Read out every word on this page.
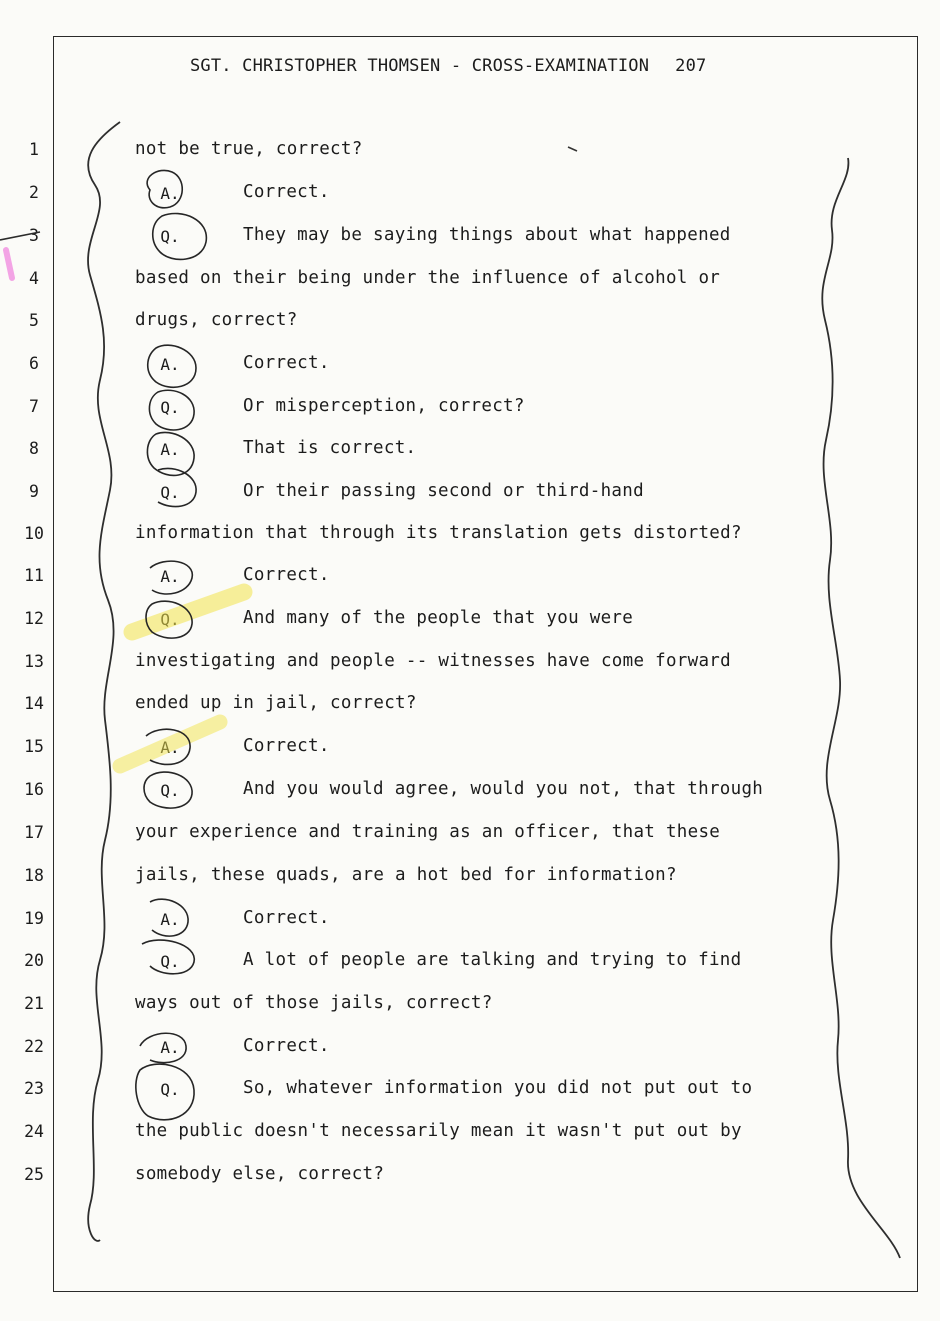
SGT. CHRISTOPHER THOMSEN - CROSS-EXAMINATION 207
1
2
3
4
5
6
7
8
9
10
11
12
13
14
15
16
17
18
19
20
21
22
23
24
25
A.
Q.
A.
Q.
A.
Q.
A.
Q.
A.
Q.
A.
Q.
A.
Q.
not be true, correct?
Correct.
They may be saying things about what happened
based on their being under the influence of alcohol or
drugs, correct?
Correct.
Or misperception, correct?
That is correct.
Or their passing second or third-hand
information that through its translation gets distorted?
Correct.
And many of the people that you were
investigating and people -- witnesses have come forward
ended up in jail, correct?
Correct.
And you would agree, would you not, that through
your experience and training as an officer, that these
jails, these quads, are a hot bed for information?
Correct.
A lot of people are talking and trying to find
ways out of those jails, correct?
Correct.
So, whatever information you did not put out to
the public doesn't necessarily mean it wasn't put out by
somebody else, correct?
